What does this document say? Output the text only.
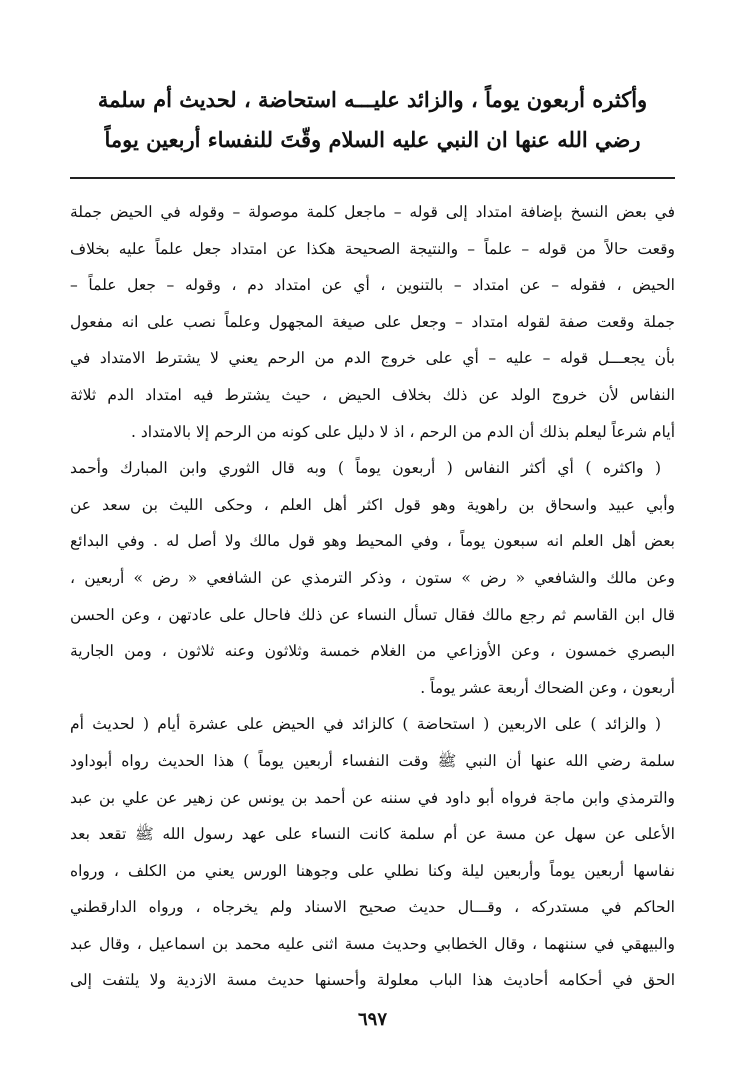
وأكثره أربعون يوماً ، والزائد عليـــه استحاضة ، لحديث أم سلمة
رضي الله عنها ان النبي عليه السلام وقّتَ للنفساء أربعين يوماً
في بعض النسخ بإضافة امتداد إلى قوله – ماجعل كلمة موصولة – وقوله في الحيض جملة
وقعت حالاً من قوله – علماً – والنتيجة الصحيحة هكذا عن امتداد جعل علماً عليه بخلاف
الحيض ، فقوله – عن امتداد – بالتنوين ، أي عن امتداد دم ، وقوله – جعل علماً –
جملة وقعت صفة لقوله امتداد – وجعل على صيغة المجهول وعلماً نصب على انه مفعول
بأن يجعـــل قوله – عليه – أي على خروج الدم من الرحم يعني لا يشترط الامتداد في
النفاس لأن خروج الولد عن ذلك بخلاف الحيض ، حيث يشترط فيه امتداد الدم ثلاثة
أيام شرعاً ليعلم بذلك أن الدم من الرحم ، اذ لا دليل على كونه من الرحم إلا بالامتداد .
( واكثره ) أي أكثر النفاس ( أربعون يوماً ) وبه قال الثوري وابن المبارك وأحمد
وأبي عبيد واسحاق بن راهوية وهو قول اكثر أهل العلم ، وحكى الليث بن سعد عن
بعض أهل العلم انه سبعون يوماً ، وفي المحيط وهو قول مالك ولا أصل له . وفي البدائع
وعن مالك والشافعي « رض » ستون ، وذكر الترمذي عن الشافعي « رض » أربعين ،
قال ابن القاسم ثم رجع مالك فقال تسأل النساء عن ذلك فاحال على عادتهن ، وعن الحسن
البصري خمسون ، وعن الأوزاعي من الغلام خمسة وثلاثون وعنه ثلاثون ، ومن الجارية
أربعون ، وعن الضحاك أربعة عشر يوماً .
( والزائد ) على الاربعين ( استحاضة ) كالزائد في الحيض على عشرة أيام ( لحديث أم
سلمة رضي الله عنها أن النبي ﷺ وقت النفساء أربعين يوماً ) هذا الحديث رواه أبوداود
والترمذي وابن ماجة فرواه أبو داود في سننه عن أحمد بن يونس عن زهير عن علي بن عبد
الأعلى عن سهل عن مسة عن أم سلمة كانت النساء على عهد رسول الله ﷺ تقعد بعد
نفاسها أربعين يوماً وأربعين ليلة وكنا نطلي على وجوهنا الورس يعني من الكلف ، ورواه
الحاكم في مستدركه ، وقـــال حديث صحيح الاسناد ولم يخرجاه ، ورواه الدارقطني
والبيهقي في سننهما ، وقال الخطابي وحديث مسة اثنى عليه محمد بن اسماعيل ، وقال عبد
الحق في أحكامه أحاديث هذا الباب معلولة وأحسنها حديث مسة الازدية ولا يلتفت إلى
٦٩٧
